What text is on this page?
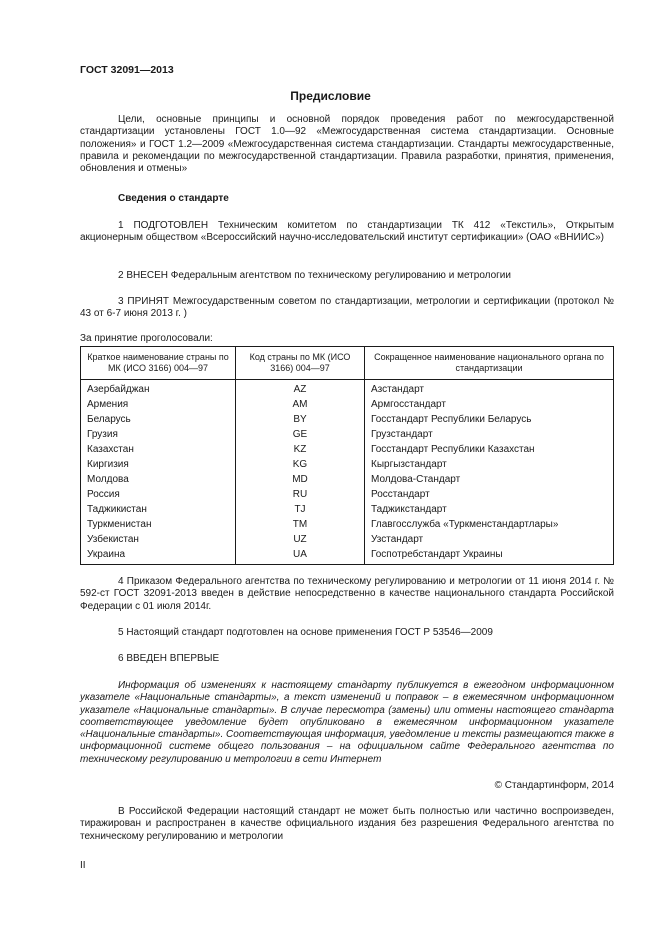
ГОСТ 32091—2013
Предисловие
Цели, основные принципы и основной порядок проведения работ по межгосударственной стандартизации установлены ГОСТ 1.0—92 «Межгосударственная система стандартизации. Основные положения» и ГОСТ 1.2—2009 «Межгосударственная система стандартизации. Стандарты межгосударственные, правила и рекомендации по межгосударственной стандартизации. Правила разработки, принятия, применения, обновления и отмены»
Сведения о стандарте
1 ПОДГОТОВЛЕН Техническим комитетом по стандартизации ТК 412 «Текстиль», Открытым акционерным обществом «Всероссийский научно-исследовательский институт сертификации» (ОАО «ВНИИС»)
2 ВНЕСЕН Федеральным агентством по техническому регулированию и метрологии
3 ПРИНЯТ Межгосударственным советом по стандартизации, метрологии и сертификации (протокол № 43 от 6-7 июня 2013 г. )
За принятие проголосовали:
Краткое наименование страны по МК (ИСО 3166) 004—97	Код страны по МК (ИСО 3166) 004—97	Сокращенное наименование национального органа по стандартизации
Азербайджан	AZ	Азстандарт
Армения	AM	Армгосстандарт
Беларусь	BY	Госстандарт Республики Беларусь
Грузия	GE	Грузстандарт
Казахстан	KZ	Госстандарт Республики Казахстан
Киргизия	KG	Кыргызстандарт
Молдова	MD	Молдова-Стандарт
Россия	RU	Росстандарт
Таджикистан	TJ	Таджикстандарт
Туркменистан	TM	Главгосслужба «Туркменстандартлары»
Узбекистан	UZ	Узстандарт
Украина	UA	Госпотребстандарт Украины
4 Приказом Федерального агентства по техническому регулированию и метрологии от 11 июня 2014 г. № 592-ст ГОСТ 32091-2013 введен в действие непосредственно в качестве национального стандарта Российской Федерации с 01 июля 2014г.
5 Настоящий стандарт подготовлен на основе применения ГОСТ Р 53546—2009
6 ВВЕДЕН ВПЕРВЫЕ
Информация об изменениях к настоящему стандарту публикуется в ежегодном информационном указателе «Национальные стандарты», а текст изменений и поправок – в ежемесячном информационном указателе «Национальные стандарты». В случае пересмотра (замены) или отмены настоящего стандарта соответствующее уведомление будет опубликовано в ежемесячном информационном указателе «Национальные стандарты». Соответствующая информация, уведомление и тексты размещаются также в информационной системе общего пользования – на официальном сайте Федерального агентства по техническому регулированию и метрологии в сети Интернет
© Стандартинформ, 2014
В Российской Федерации настоящий стандарт не может быть полностью или частично воспроизведен, тиражирован и распространен в качестве официального издания без разрешения Федерального агентства по техническому регулированию и метрологии
II
